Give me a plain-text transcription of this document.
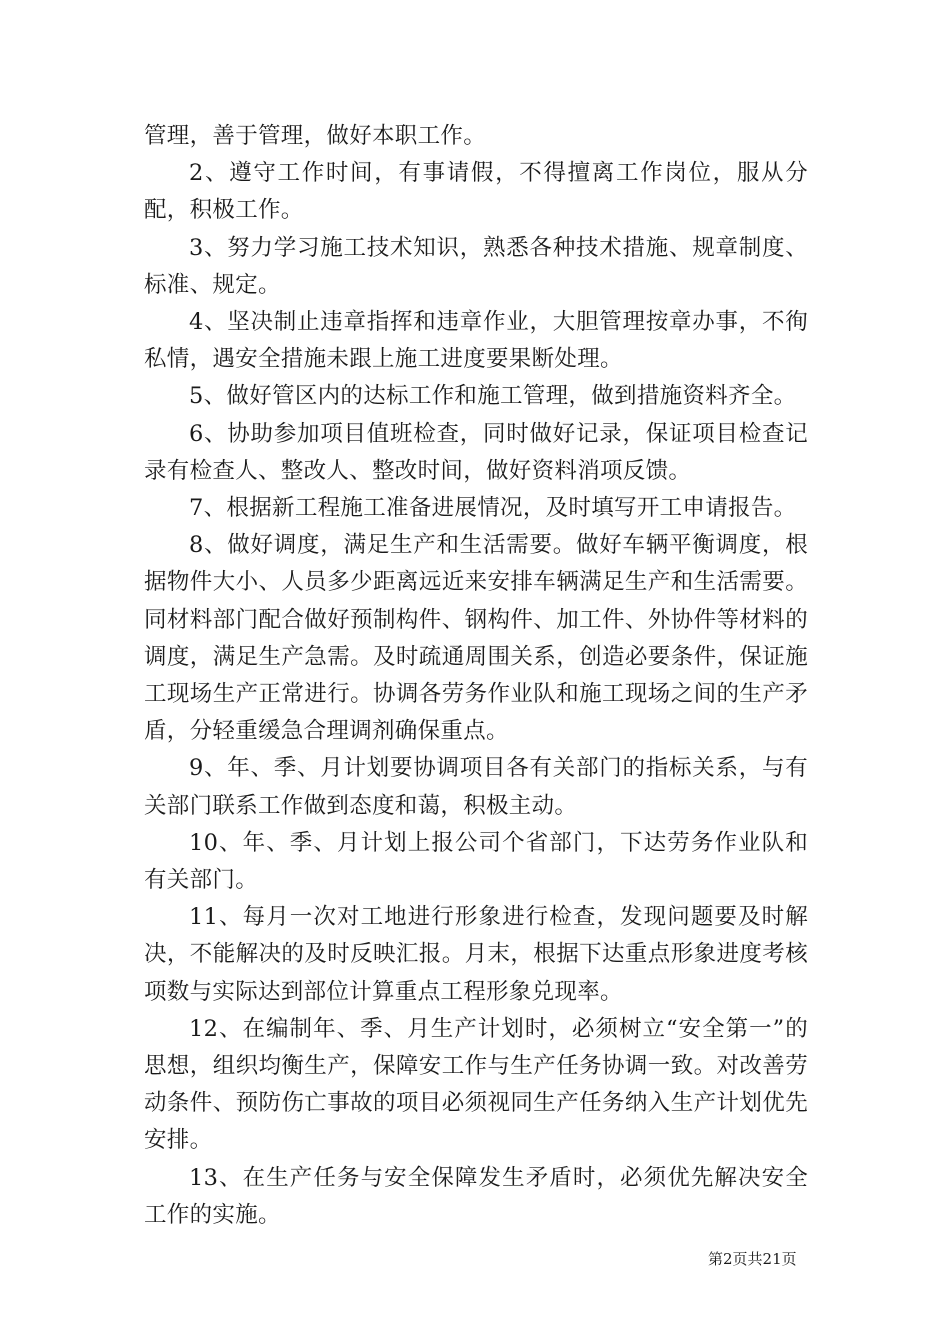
管理，善于管理，做好本职工作。

2、遵守工作时间，有事请假，不得擅离工作岗位，服从分配，积极工作。

3、努力学习施工技术知识，熟悉各种技术措施、规章制度、标准、规定。

4、坚决制止违章指挥和违章作业，大胆管理按章办事，不徇私情，遇安全措施未跟上施工进度要果断处理。

5、做好管区内的达标工作和施工管理，做到措施资料齐全。

6、协助参加项目值班检查，同时做好记录，保证项目检查记录有检查人、整改人、整改时间，做好资料消项反馈。

7、根据新工程施工准备进展情况，及时填写开工申请报告。

8、做好调度，满足生产和生活需要。做好车辆平衡调度，根据物件大小、人员多少距离远近来安排车辆满足生产和生活需要。同材料部门配合做好预制构件、钢构件、加工件、外协件等材料的调度，满足生产急需。及时疏通周围关系，创造必要条件，保证施工现场生产正常进行。协调各劳务作业队和施工现场之间的生产矛盾，分轻重缓急合理调剂确保重点。

9、年、季、月计划要协调项目各有关部门的指标关系，与有关部门联系工作做到态度和蔼，积极主动。

10、年、季、月计划上报公司个省部门，下达劳务作业队和有关部门。

11、每月一次对工地进行形象进行检查，发现问题要及时解决，不能解决的及时反映汇报。月末，根据下达重点形象进度考核项数与实际达到部位计算重点工程形象兑现率。

12、在编制年、季、月生产计划时，必须树立“安全第一”的思想，组织均衡生产，保障安工作与生产任务协调一致。对改善劳动条件、预防伤亡事故的项目必须视同生产任务纳入生产计划优先安排。

13、在生产任务与安全保障发生矛盾时，必须优先解决安全工作的实施。

第2页共21页
